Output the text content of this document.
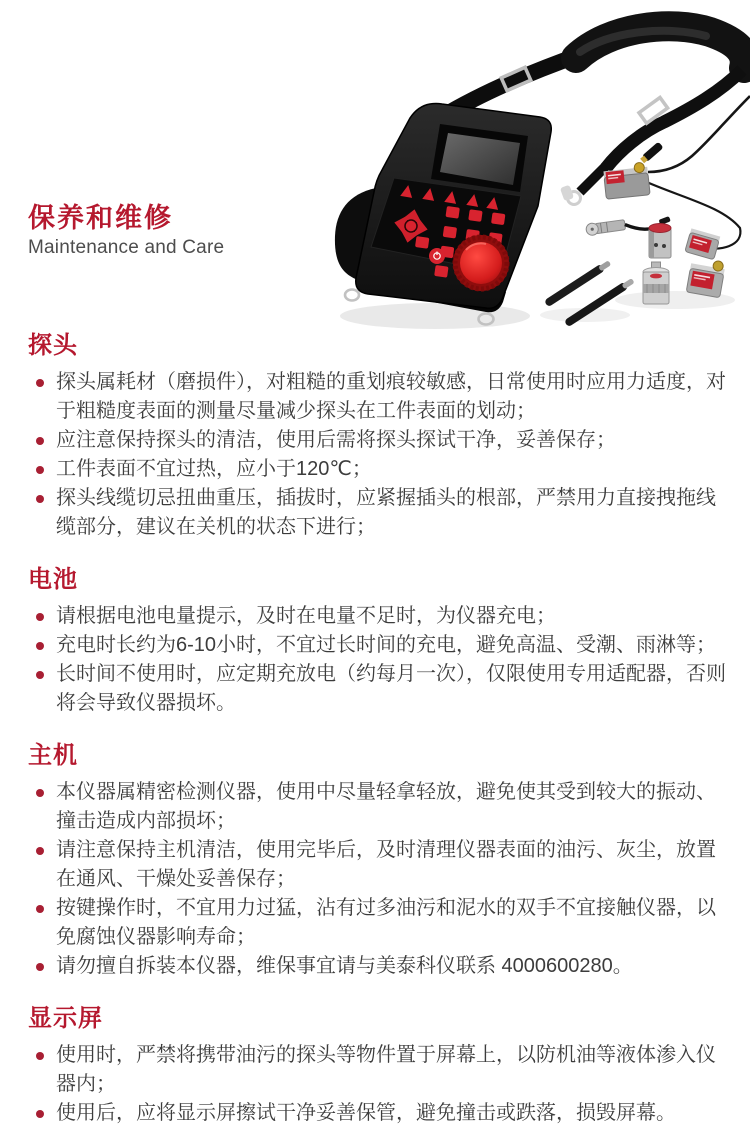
保养和维修
Maintenance and Care
探头
探头属耗材（磨损件），对粗糙的重划痕较敏感，日常使用时应用力适度，对于粗糙度表面的测量尽量减少探头在工件表面的划动；
应注意保持探头的清洁，使用后需将探头探试干净，妥善保存；
工件表面不宜过热，应小于120℃；
探头线缆切忌扭曲重压，插拔时，应紧握插头的根部，严禁用力直接拽拖线缆部分，建议在关机的状态下进行；
电池
请根据电池电量提示，及时在电量不足时，为仪器充电；
充电时长约为6-10小时，不宜过长时间的充电，避免高温、受潮、雨淋等；
长时间不使用时，应定期充放电（约每月一次），仅限使用专用适配器，否则将会导致仪器损坏。
主机
本仪器属精密检测仪器，使用中尽量轻拿轻放，避免使其受到较大的振动、撞击造成内部损坏；
请注意保持主机清洁，使用完毕后，及时清理仪器表面的油污、灰尘，放置在通风、干燥处妥善保存；
按键操作时，不宜用力过猛，沾有过多油污和泥水的双手不宜接触仪器，以免腐蚀仪器影响寿命；
请勿擅自拆装本仪器，维保事宜请与美泰科仪联系 4000600280。
显示屏
使用时，严禁将携带油污的探头等物件置于屏幕上，以防机油等液体渗入仪器内；
使用后，应将显示屏擦试干净妥善保管，避免撞击或跌落，损毁屏幕。
